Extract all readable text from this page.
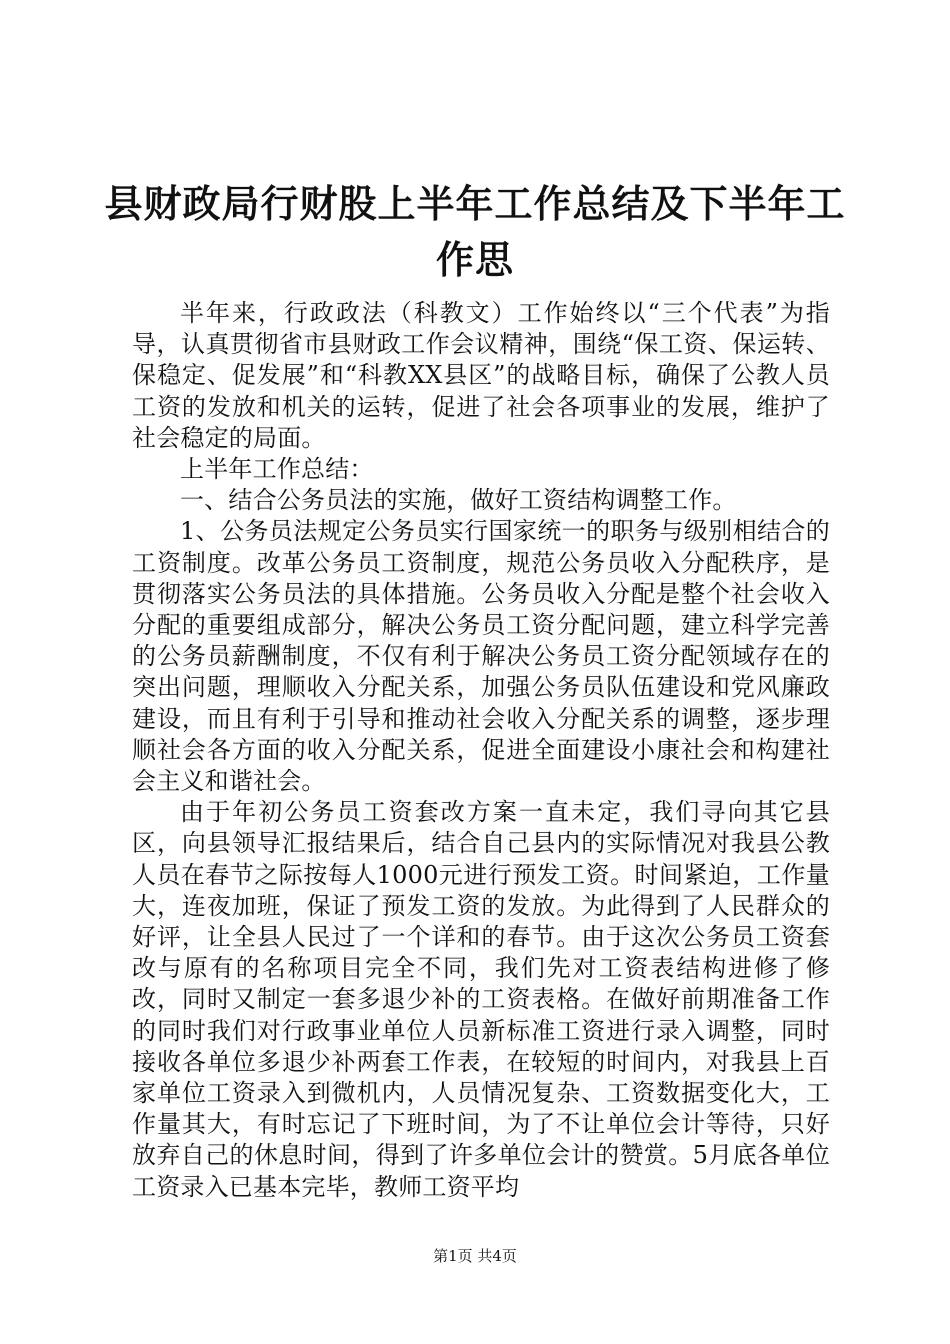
县财政局行财股上半年工作总结及下半年工作思

半年来，行政政法（科教文）工作始终以“三个代表”为指导，认真贯彻省市县财政工作会议精神，围绕“保工资、保运转、保稳定、促发展”和“科教XX县区”的战略目标，确保了公教人员工资的发放和机关的运转，促进了社会各项事业的发展，维护了社会稳定的局面。

上半年工作总结：

一、结合公务员法的实施，做好工资结构调整工作。

1、公务员法规定公务员实行国家统一的职务与级别相结合的工资制度。改革公务员工资制度，规范公务员收入分配秩序，是贯彻落实公务员法的具体措施。公务员收入分配是整个社会收入分配的重要组成部分，解决公务员工资分配问题，建立科学完善的公务员薪酬制度，不仅有利于解决公务员工资分配领域存在的突出问题，理顺收入分配关系，加强公务员队伍建设和党风廉政建设，而且有利于引导和推动社会收入分配关系的调整，逐步理顺社会各方面的收入分配关系，促进全面建设小康社会和构建社会主义和谐社会。

由于年初公务员工资套改方案一直未定，我们寻向其它县区，向县领导汇报结果后，结合自己县内的实际情况对我县公教人员在春节之际按每人1000元进行预发工资。时间紧迫，工作量大，连夜加班，保证了预发工资的发放。为此得到了人民群众的好评，让全县人民过了一个详和的春节。由于这次公务员工资套改与原有的名称项目完全不同，我们先对工资表结构进修了修改，同时又制定一套多退少补的工资表格。在做好前期准备工作的同时我们对行政事业单位人员新标准工资进行录入调整，同时接收各单位多退少补两套工作表，在较短的时间内，对我县上百家单位工资录入到微机内，人员情况复杂、工资数据变化大，工作量其大，有时忘记了下班时间，为了不让单位会计等待，只好放弃自己的休息时间，得到了许多单位会计的赞赏。5月底各单位工资录入已基本完毕，教师工资平均

第1页 共4页
